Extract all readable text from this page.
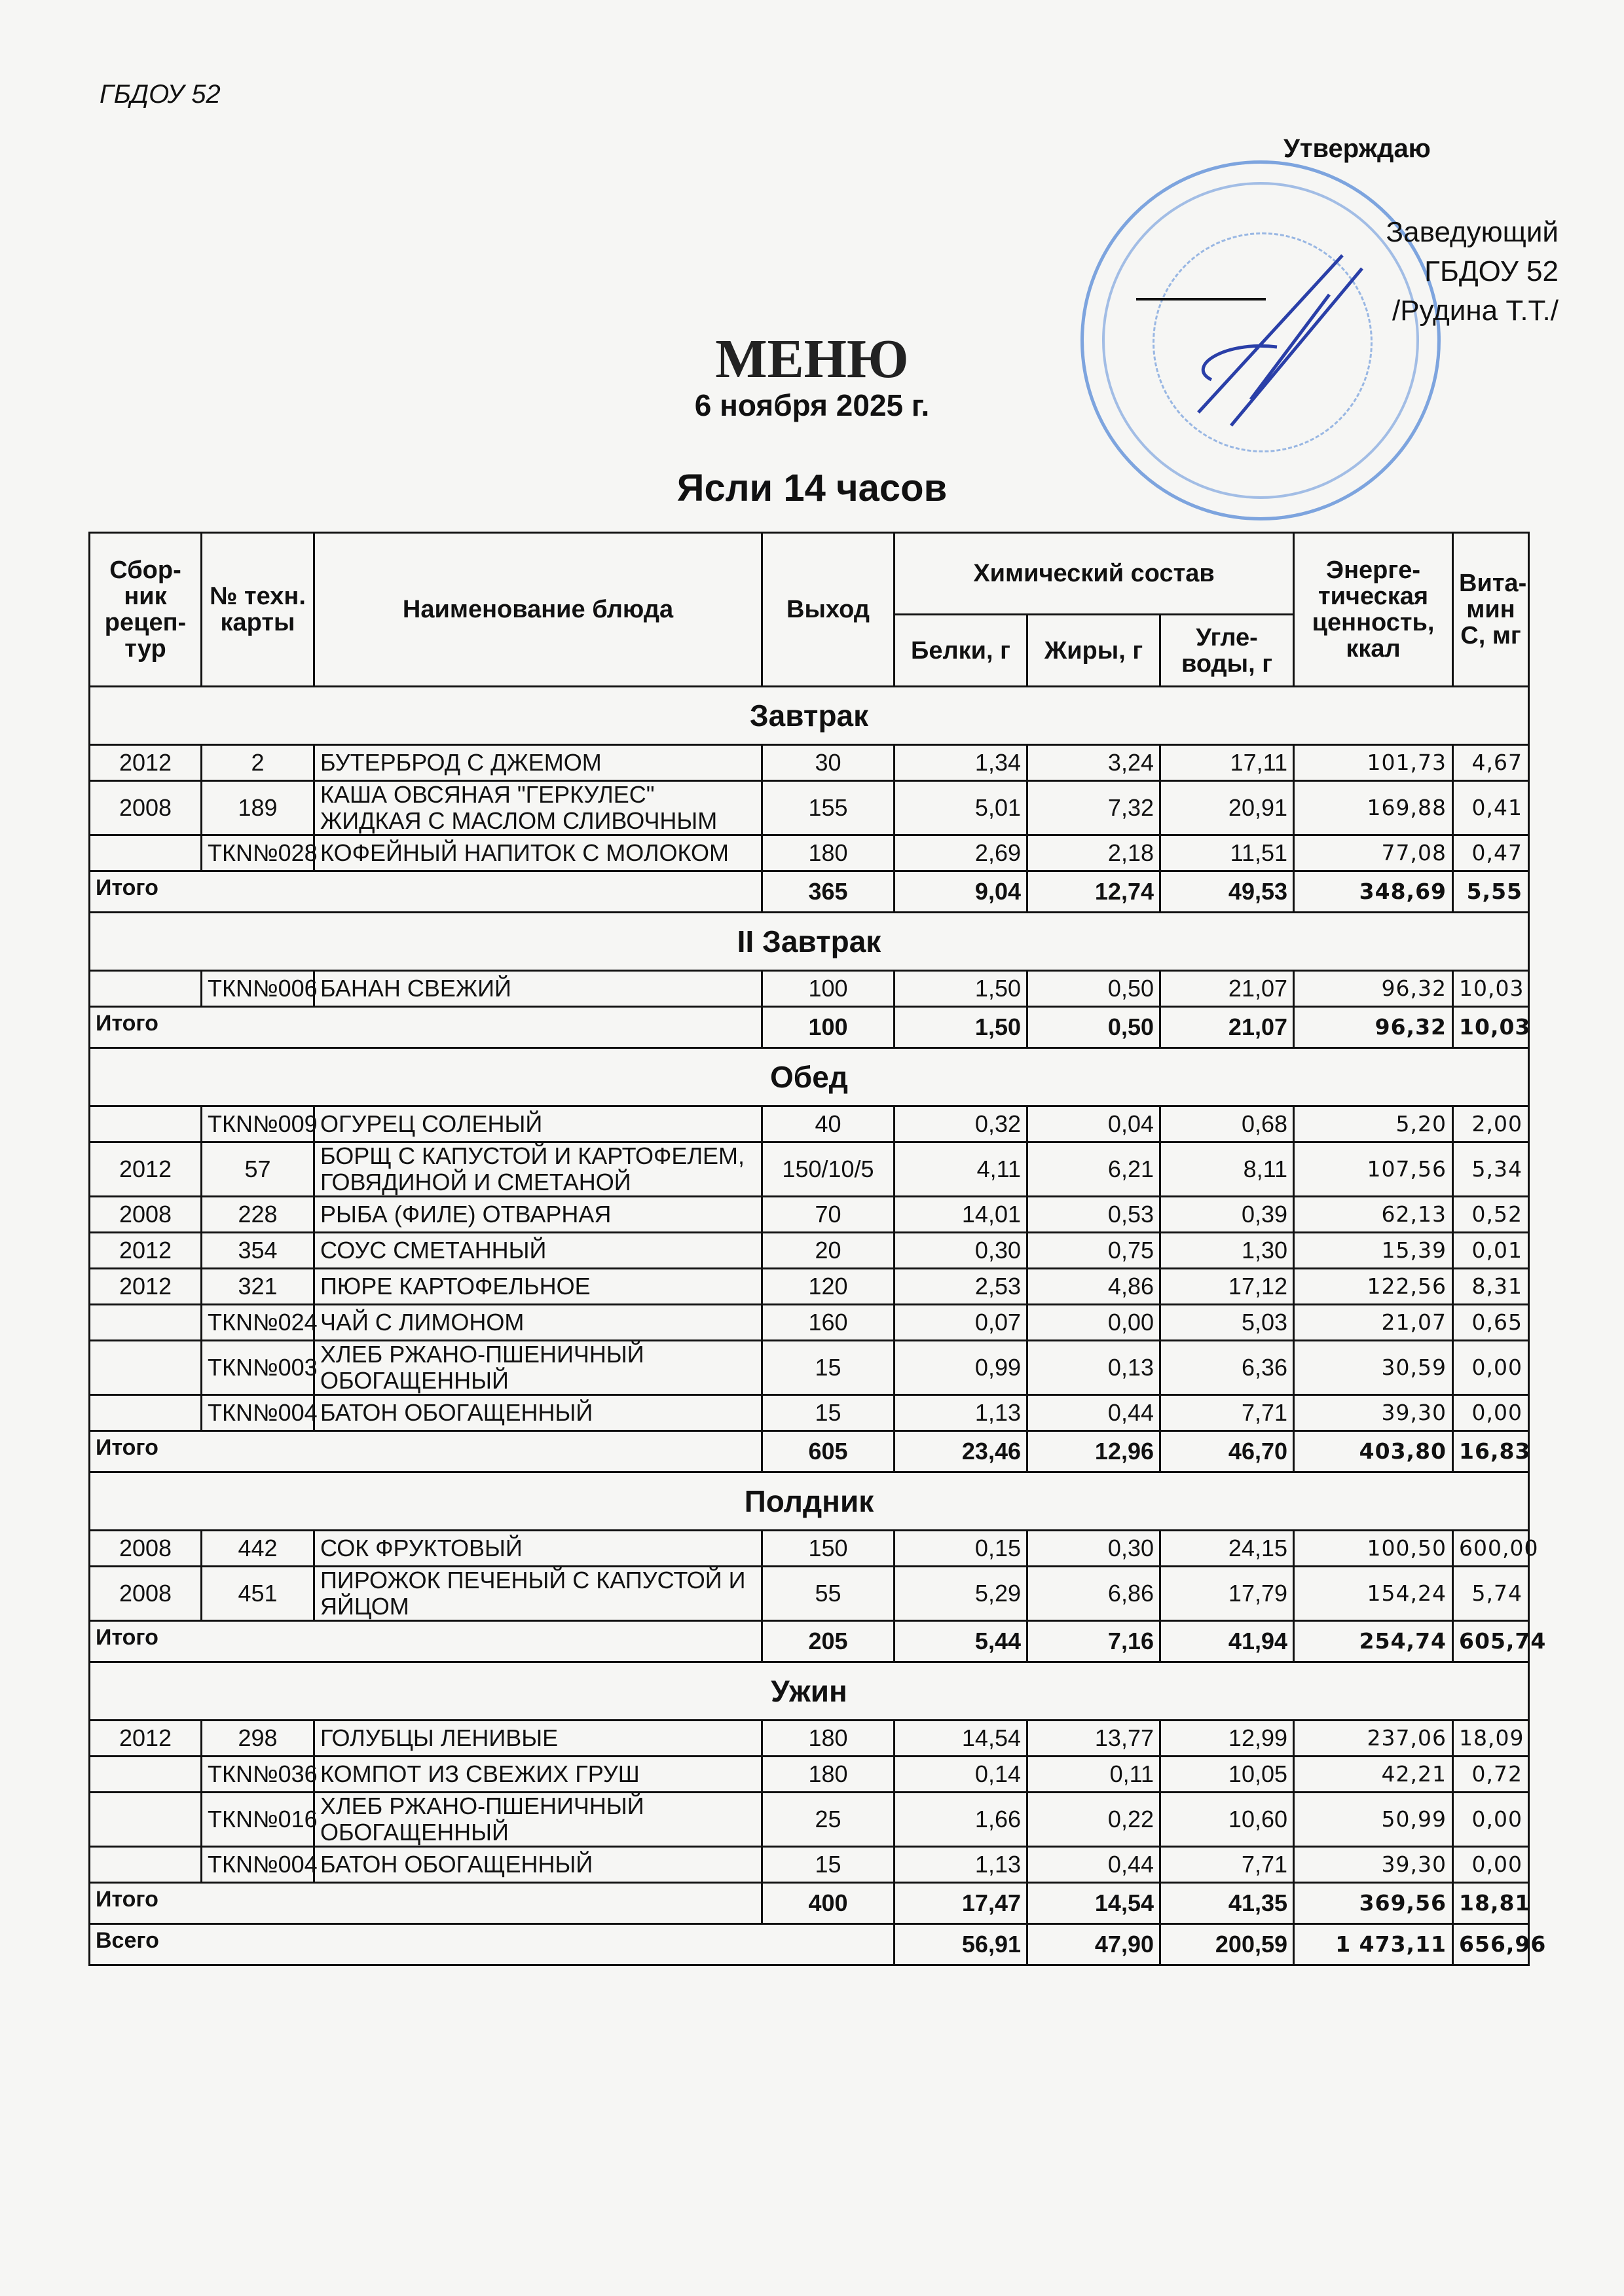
ГБДОУ 52
Утверждаю
Заведующий
ГБДОУ 52
/Рудина Т.Т./
МЕНЮ
6 ноября 2025 г.
Ясли 14 часов
Сбор-ник рецеп-тур	№ техн. карты	Наименование блюда	Выход	Химический состав			Энерге-тическая ценность, ккал	Вита-мин С, мг
				Белки, г	Жиры, г	Угле-воды, г		
Завтрак								
2012	2	БУТЕРБРОД С ДЖЕМОМ	30	1,34	3,24	17,11	101,73	4,67
2008	189	КАША ОВСЯНАЯ "ГЕРКУЛЕС" ЖИДКАЯ С МАСЛОМ СЛИВОЧНЫМ	155	5,01	7,32	20,91	169,88	0,41
	ТКN№028	КОФЕЙНЫЙ НАПИТОК С МОЛОКОМ	180	2,69	2,18	11,51	77,08	0,47
Итого			365	9,04	12,74	49,53	348,69	5,55
II Завтрак								
	ТКN№006	БАНАН СВЕЖИЙ	100	1,50	0,50	21,07	96,32	10,03
Итого			100	1,50	0,50	21,07	96,32	10,03
Обед								
	ТКN№009	ОГУРЕЦ СОЛЕНЫЙ	40	0,32	0,04	0,68	5,20	2,00
2012	57	БОРЩ С КАПУСТОЙ И КАРТОФЕЛЕМ, ГОВЯДИНОЙ И СМЕТАНОЙ	150/10/5	4,11	6,21	8,11	107,56	5,34
2008	228	РЫБА (ФИЛЕ) ОТВАРНАЯ	70	14,01	0,53	0,39	62,13	0,52
2012	354	СОУС СМЕТАННЫЙ	20	0,30	0,75	1,30	15,39	0,01
2012	321	ПЮРЕ КАРТОФЕЛЬНОЕ	120	2,53	4,86	17,12	122,56	8,31
	ТКN№024	ЧАЙ С ЛИМОНОМ	160	0,07	0,00	5,03	21,07	0,65
	ТКN№003	ХЛЕБ РЖАНО-ПШЕНИЧНЫЙ ОБОГАЩЕННЫЙ	15	0,99	0,13	6,36	30,59	0,00
	ТКN№004	БАТОН ОБОГАЩЕННЫЙ	15	1,13	0,44	7,71	39,30	0,00
Итого			605	23,46	12,96	46,70	403,80	16,83
Полдник								
2008	442	СОК ФРУКТОВЫЙ	150	0,15	0,30	24,15	100,50	600,00
2008	451	ПИРОЖОК ПЕЧЕНЫЙ С КАПУСТОЙ И ЯЙЦОМ	55	5,29	6,86	17,79	154,24	5,74
Итого			205	5,44	7,16	41,94	254,74	605,74
Ужин								
2012	298	ГОЛУБЦЫ ЛЕНИВЫЕ	180	14,54	13,77	12,99	237,06	18,09
	ТКN№036	КОМПОТ ИЗ СВЕЖИХ ГРУШ	180	0,14	0,11	10,05	42,21	0,72
	ТКN№016	ХЛЕБ РЖАНО-ПШЕНИЧНЫЙ ОБОГАЩЕННЫЙ	25	1,66	0,22	10,60	50,99	0,00
	ТКN№004	БАТОН ОБОГАЩЕННЫЙ	15	1,13	0,44	7,71	39,30	0,00
Итого			400	17,47	14,54	41,35	369,56	18,81
Всего				56,91	47,90	200,59	1 473,11	656,96
